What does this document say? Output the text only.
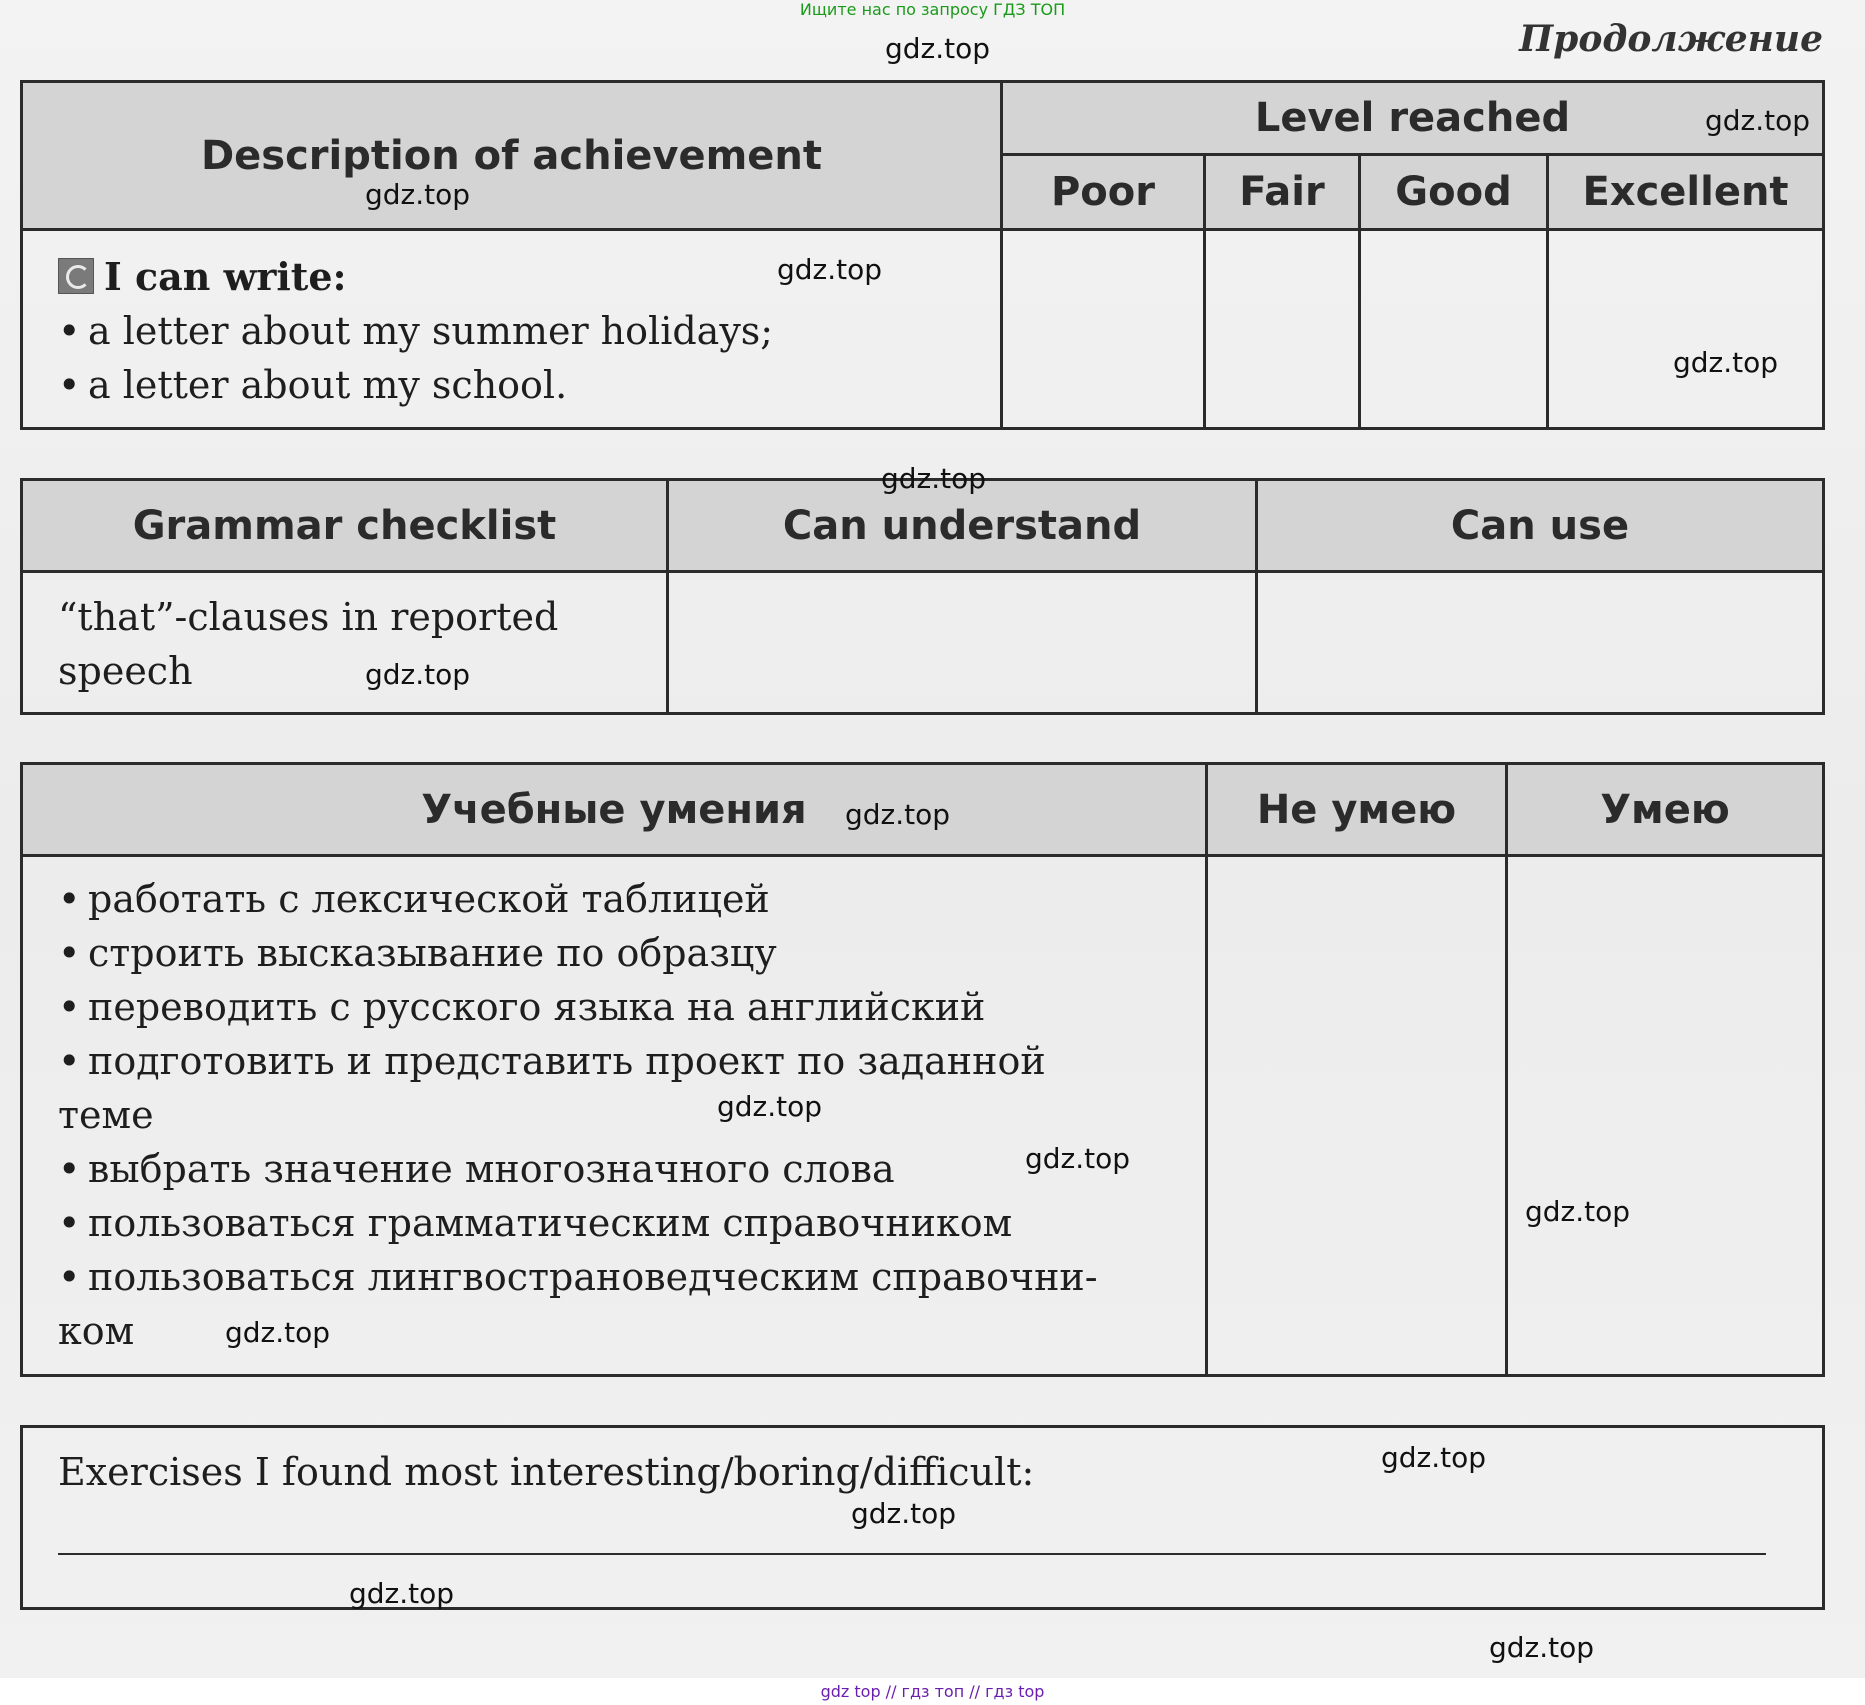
Ищите нас по запросу ГДЗ ТОП
Продолжение
Description of achievement
Level reached
Poor	Fair	Good	Excellent
I can write:
• a letter about my summer holidays;
• a letter about my school.
Grammar checklist	Can understand	Can use
“that”-clauses in reported
speech
Учебные умения	Не умею	Умею
• работать с лексической таблицей
• строить высказывание по образцу
• переводить с русского языка на английский
• подготовить и представить проект по заданной
теме
• выбрать значение многозначного слова
• пользоваться грамматическим справочником
• пользоваться лингвострановедческим справочни-
ком
Exercises I found most interesting/boring/difficult:
gdz.top
gdz.top
gdz.top
gdz.top
gdz.top
gdz.top
gdz.top
gdz.top
gdz.top
gdz.top
gdz.top
gdz.top
gdz.top
gdz.top
gdz.top
gdz.top
gdz top // гдз топ // гдз top
